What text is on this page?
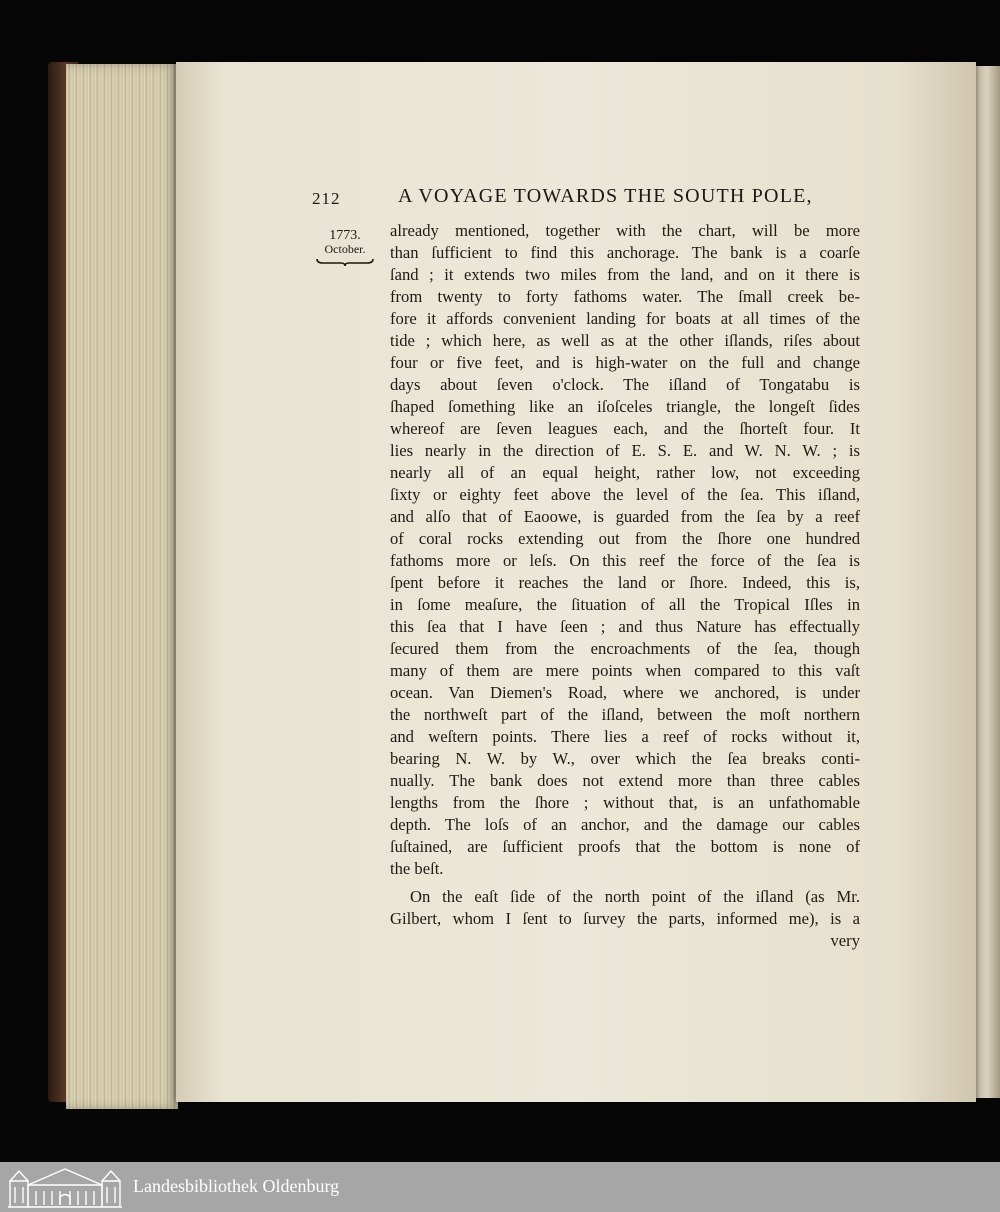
212	A VOYAGE TOWARDS THE SOUTH POLE,
1773.
October.
already mentioned, together with the chart, will be more
than ſufficient to find this anchorage. The bank is a coarſe
ſand ; it extends two miles from the land, and on it there is
from twenty to forty fathoms water. The ſmall creek be-
fore it affords convenient landing for boats at all times of the
tide ; which here, as well as at the other iſlands, riſes about
four or five feet, and is high-water on the full and change
days about ſeven o'clock. The iſland of Tongatabu is
ſhaped ſomething like an iſoſceles triangle, the longeſt ſides
whereof are ſeven leagues each, and the ſhorteſt four. It
lies nearly in the direction of E. S. E. and W. N. W. ; is
nearly all of an equal height, rather low, not exceeding
ſixty or eighty feet above the level of the ſea. This iſland,
and alſo that of Eaoowe, is guarded from the ſea by a reef
of coral rocks extending out from the ſhore one hundred
fathoms more or leſs. On this reef the force of the ſea is
ſpent before it reaches the land or ſhore. Indeed, this is,
in ſome meaſure, the ſituation of all the Tropical Iſles in
this ſea that I have ſeen ; and thus Nature has effectually
ſecured them from the encroachments of the ſea, though
many of them are mere points when compared to this vaſt
ocean. Van Diemen's Road, where we anchored, is under
the northweſt part of the iſland, between the moſt northern
and weſtern points. There lies a reef of rocks without it,
bearing N. W. by W., over which the ſea breaks conti-
nually. The bank does not extend more than three cables
lengths from the ſhore ; without that, is an unfathomable
depth. The loſs of an anchor, and the damage our cables
ſuſtained, are ſufficient proofs that the bottom is none of
the beſt.
On the eaſt ſide of the north point of the iſland (as Mr.
Gilbert, whom I ſent to ſurvey the parts, informed me), is a
very
Landesbibliothek Oldenburg
